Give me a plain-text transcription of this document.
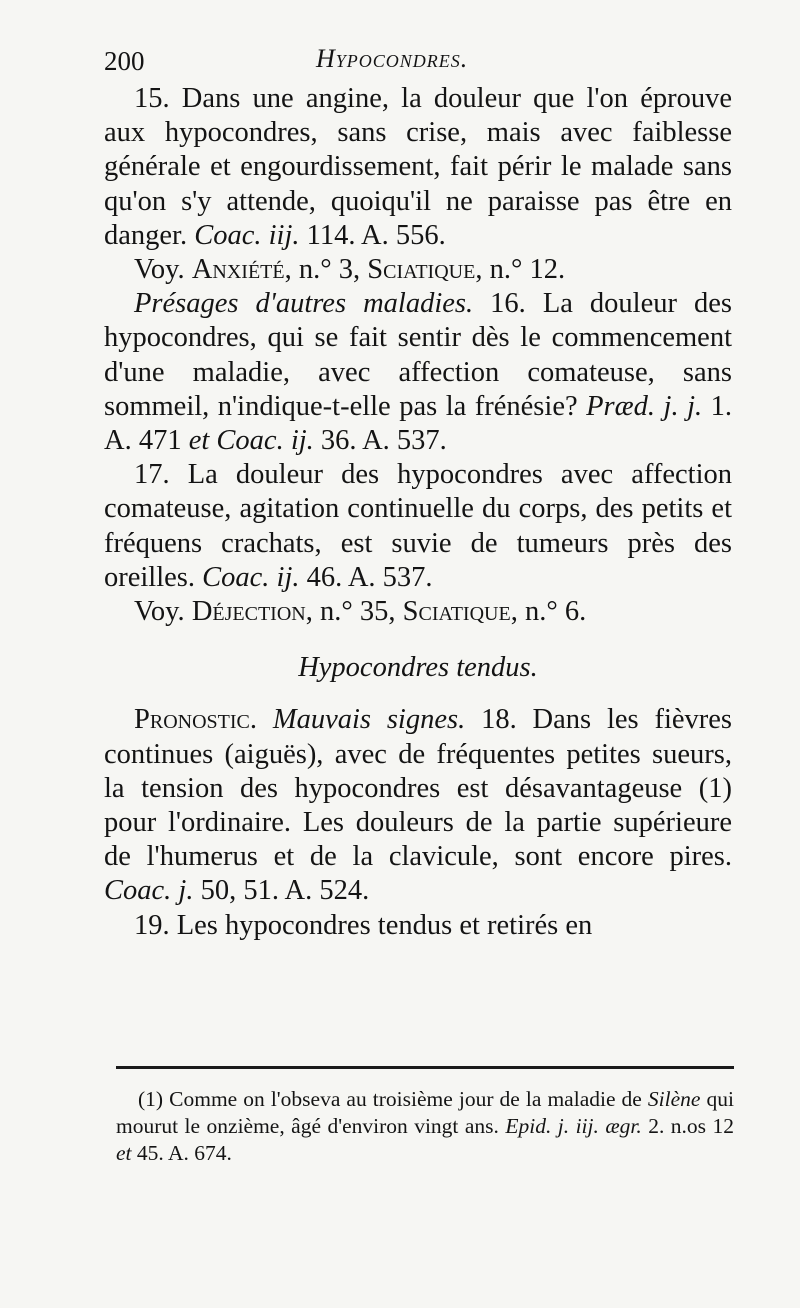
200	Hypocondres.

15. Dans une angine, la douleur que l'on éprouve aux hypocondres, sans crise, mais avec faiblesse générale et engourdissement, fait périr le malade sans qu'on s'y attende, quoiqu'il ne paraisse pas être en danger. Coac. iij. 114. A. 556.

Voy. Anxiété, n.° 3, Sciatique, n.° 12.

Présages d'autres maladies. 16. La douleur des hypocondres, qui se fait sentir dès le commencement d'une maladie, avec affection comateuse, sans sommeil, n'indique-t-elle pas la frénésie? Præd. j. j. 1. A. 471 et Coac. ij. 36. A. 537.

17. La douleur des hypocondres avec affection comateuse, agitation continuelle du corps, des petits et fréquens crachats, est suvie de tumeurs près des oreilles. Coac. ij. 46. A. 537.

Voy. Déjection, n.° 35, Sciatique, n.° 6.

Hypocondres tendus.

Pronostic. Mauvais signes. 18. Dans les fièvres continues (aiguës), avec de fréquentes petites sueurs, la tension des hypocondres est désavantageuse (1) pour l'ordinaire. Les douleurs de la partie supérieure de l'humerus et de la clavicule, sont encore pires. Coac. j. 50, 51. A. 524.

19. Les hypocondres tendus et retirés en

(1) Comme on l'obseva au troisième jour de la maladie de Silène qui mourut le onzième, âgé d'environ vingt ans. Epid. j. iij. ægr. 2. n.os 12 et 45. A. 674.
